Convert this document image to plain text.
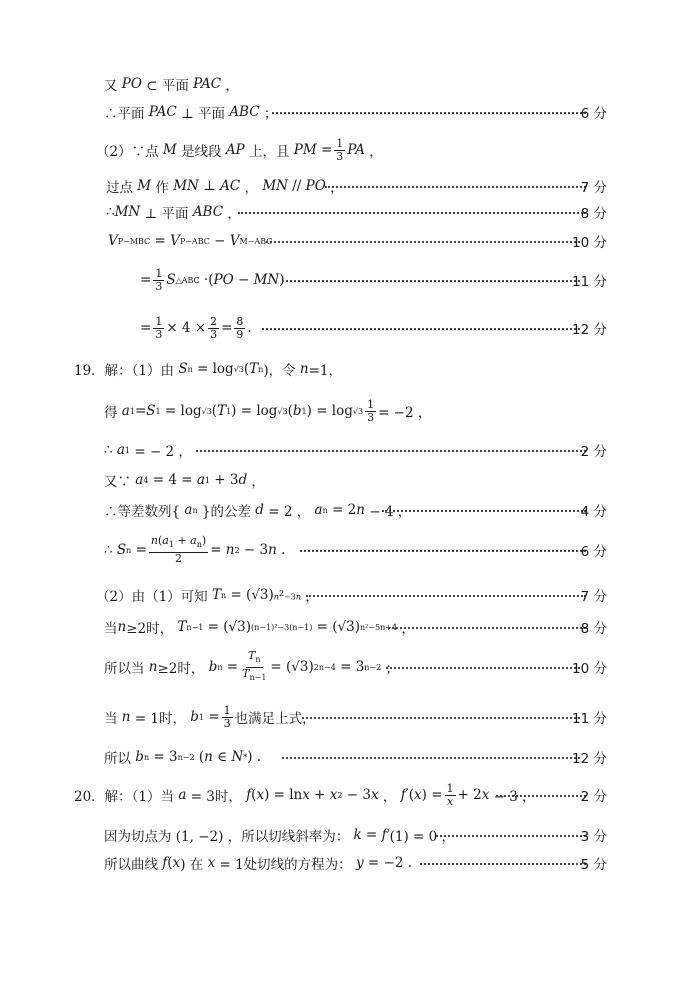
又 PO ⊂ 平面 PAC ，
∴平面 PAC ⊥ 平面 ABC ；	6 分
（2）∵点 M 是线段 AP 上，且 PM = $\frac{1}{3}$ PA ，
过点 M 作 MN ⊥ AC ， MN // PO ，	7 分
∴ MN ⊥ 平面 ABC ，	8 分
V P−MBC = V P−ABC − V M−ABC	10 分
= $\frac{1}{3}$ S △ABC ·( PO − MN )	11 分
= $\frac{1}{3} \times 4 \times \frac{2}{3} = \frac{8}{9}$ .	12 分
19．解：（1）由 S n = log √3 ( T n )，令 n =1，
得 a 1 = S 1 = log √3 ( T 1 ) = log √3 ( b 1 ) = $\log √3 \frac{1}{3} = -2$ ，
∴ a 1 = − 2 ，	2 分
又∵ a 4 = 4 = a 1 + 3 d ，
∴等差数列{ a n }的公差 d = 2 ， a n = 2 n − 4 ，	4 分
∴ S $n = \frac{n(a_1 + a_n)}{2} = n$ 2 − 3 n .	6 分
（2）由（1）可知 T n = (√3) $n^2-3n$ ，	7 分
当 n ≥2时， T n−1 = (√3) (n−1)²−3(n−1) = (√3) n²−5n+4 ，	8 分
所以当 n ≥2时， b $n = \frac{T_n}{T_{n-1}} = (√3) 2n-4 = 3$ n−2 ；	10 分
当 n = 1时， b $1 = \frac{1}{3}$ 也满足上式，	11 分
所以 b n = 3 n−2 ( n ∈ N * ) .	12 分
20．解：（1）当 a = 3时， f ( x ) = ln x + x 2 − 3 x ， f ′( x ) = $\frac{1}{x} + 2$ x − 3 ，	2 分
因为切点为 (1, −2) ，所以切线斜率为： k = f ′(1) = 0 ，	3 分
所以曲线 f ( x ) 在 x = 1处切线的方程为： y = −2 .	5 分
